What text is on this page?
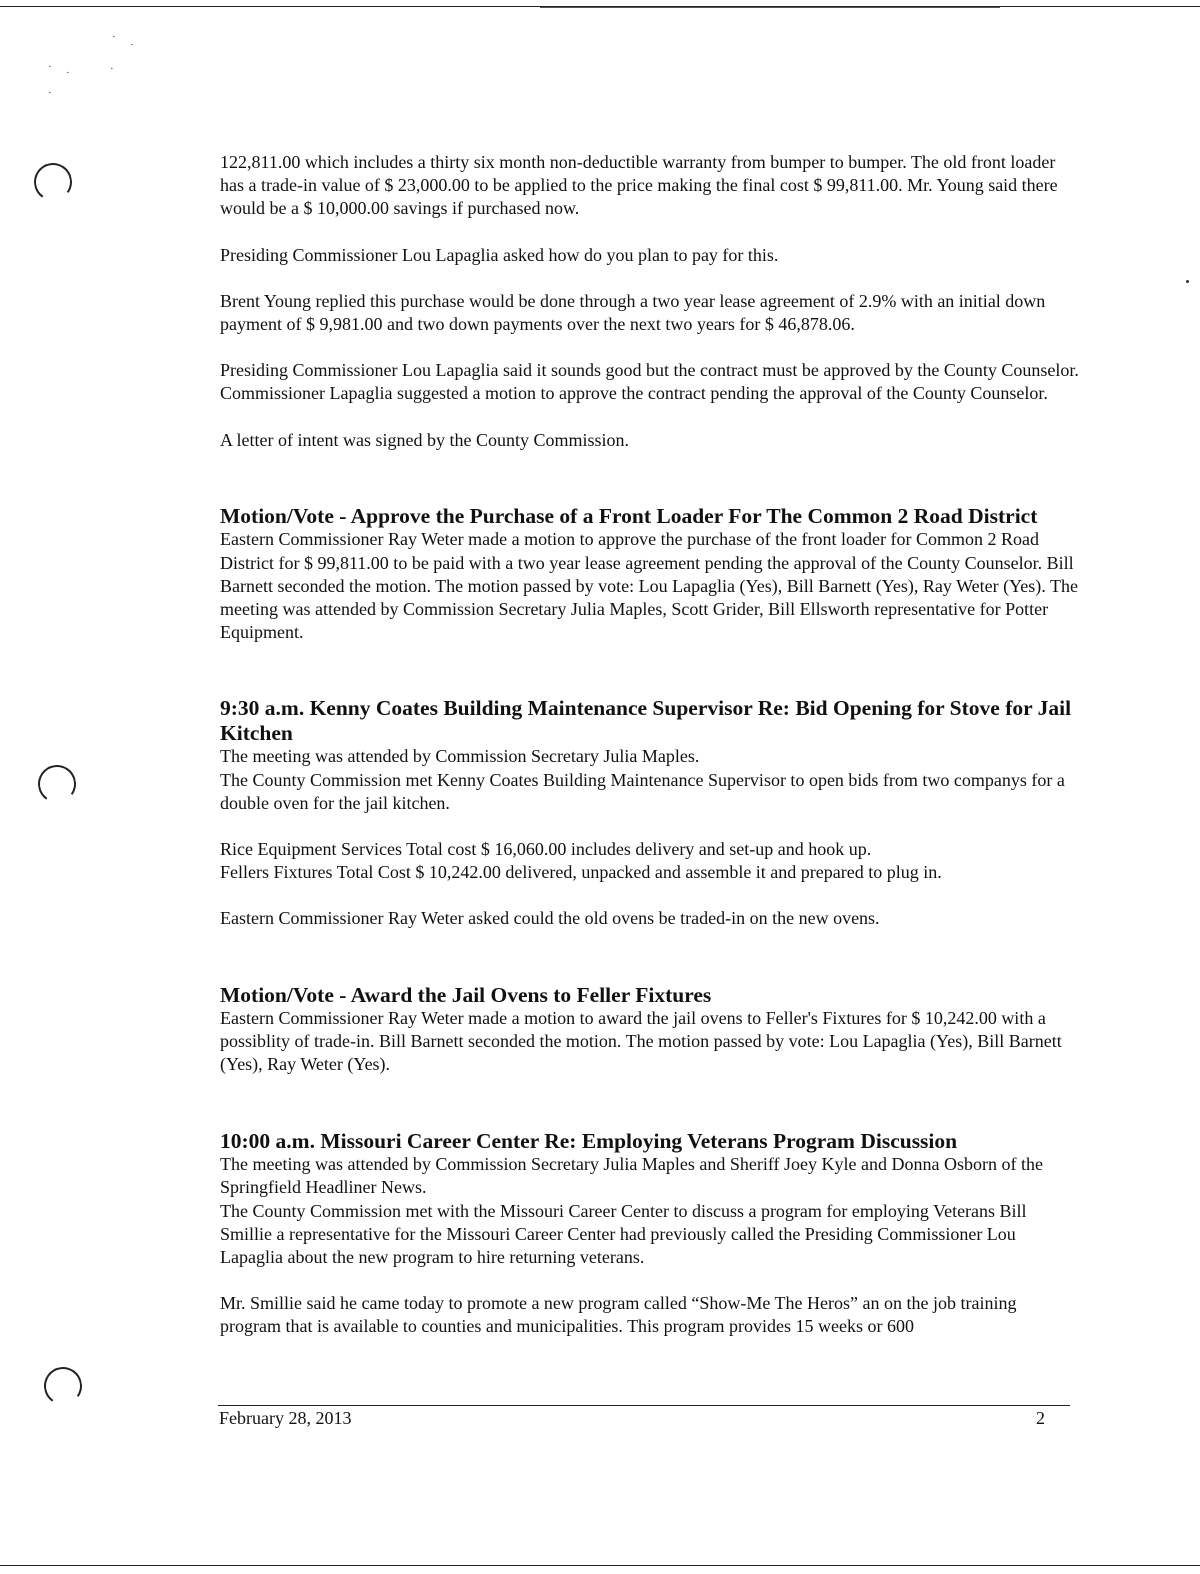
·
·
· ·	·
·

122,811.00 which includes a thirty six month non-deductible warranty from bumper to bumper. The old front loader has a trade-in value of $ 23,000.00 to be applied to the price making the final cost $ 99,811.00. Mr. Young said there would be a $ 10,000.00 savings if purchased now.

Presiding Commissioner Lou Lapaglia asked how do you plan to pay for this.

Brent Young replied this purchase would be done through a two year lease agreement of 2.9% with an initial down payment of $ 9,981.00 and two down payments over the next two years for $ 46,878.06.

Presiding Commissioner Lou Lapaglia said it sounds good but the contract must be approved by the County Counselor. Commissioner Lapaglia suggested a motion to approve the contract pending the approval of the County Counselor.

A letter of intent was signed by the County Commission.

Motion/Vote - Approve the Purchase of a Front Loader For The Common 2 Road District

Eastern Commissioner Ray Weter made a motion to approve the purchase of the front loader for Common 2 Road District for $ 99,811.00 to be paid with a two year lease agreement pending the approval of the County Counselor. Bill Barnett seconded the motion. The motion passed by vote: Lou Lapaglia (Yes), Bill Barnett (Yes), Ray Weter (Yes). The meeting was attended by Commission Secretary Julia Maples, Scott Grider, Bill Ellsworth representative for Potter Equipment.

9:30 a.m. Kenny Coates Building Maintenance Supervisor Re: Bid Opening for Stove for Jail Kitchen

The meeting was attended by Commission Secretary Julia Maples.

The County Commission met Kenny Coates Building Maintenance Supervisor to open bids from two companys for a double oven for the jail kitchen.

Rice Equipment Services Total cost $ 16,060.00 includes delivery and set-up and hook up.

Fellers Fixtures Total Cost $ 10,242.00 delivered, unpacked and assemble it and prepared to plug in.

Eastern Commissioner Ray Weter asked could the old ovens be traded-in on the new ovens.

Motion/Vote - Award the Jail Ovens to Feller Fixtures

Eastern Commissioner Ray Weter made a motion to award the jail ovens to Feller's Fixtures for $ 10,242.00 with a possiblity of trade-in. Bill Barnett seconded the motion. The motion passed by vote: Lou Lapaglia (Yes), Bill Barnett (Yes), Ray Weter (Yes).

10:00 a.m. Missouri Career Center Re: Employing Veterans Program Discussion

The meeting was attended by Commission Secretary Julia Maples and Sheriff Joey Kyle and Donna Osborn of the Springfield Headliner News.

The County Commission met with the Missouri Career Center to discuss a program for employing Veterans Bill Smillie a representative for the Missouri Career Center had previously called the Presiding Commissioner Lou Lapaglia about the new program to hire returning veterans.

Mr. Smillie said he came today to promote a new program called “Show-Me The Heros” an on the job training program that is available to counties and municipalities. This program provides 15 weeks or 600

February 28, 2013	2
